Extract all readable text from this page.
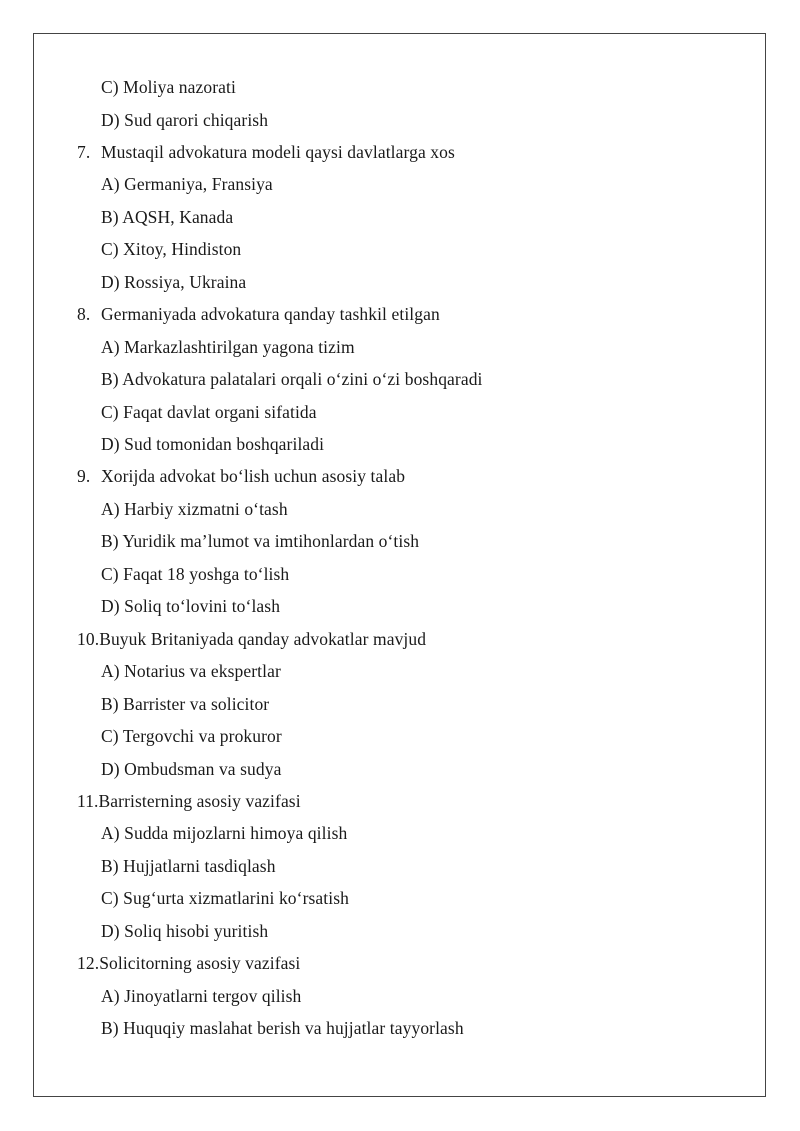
C) Moliya nazorati
D) Sud qarori chiqarish
7. Mustaqil advokatura modeli qaysi davlatlarga xos
A) Germaniya, Fransiya
B) AQSH, Kanada
C) Xitoy, Hindiston
D) Rossiya, Ukraina
8. Germaniyada advokatura qanday tashkil etilgan
A) Markazlashtirilgan yagona tizim
B) Advokatura palatalari orqali o‘zini o‘zi boshqaradi
C) Faqat davlat organi sifatida
D) Sud tomonidan boshqariladi
9. Xorijda advokat bo‘lish uchun asosiy talab
A) Harbiy xizmatni o‘tash
B) Yuridik ma’lumot va imtihonlardan o‘tish
C) Faqat 18 yoshga to‘lish
D) Soliq to‘lovini to‘lash
10.Buyuk Britaniyada qanday advokatlar mavjud
A) Notarius va ekspertlar
B) Barrister va solicitor
C) Tergovchi va prokuror
D) Ombudsman va sudya
11.Barristerning asosiy vazifasi
A) Sudda mijozlarni himoya qilish
B) Hujjatlarni tasdiqlash
C) Sug‘urta xizmatlarini ko‘rsatish
D) Soliq hisobi yuritish
12.Solicitorning asosiy vazifasi
A) Jinoyatlarni tergov qilish
B) Huquqiy maslahat berish va hujjatlar tayyorlash
